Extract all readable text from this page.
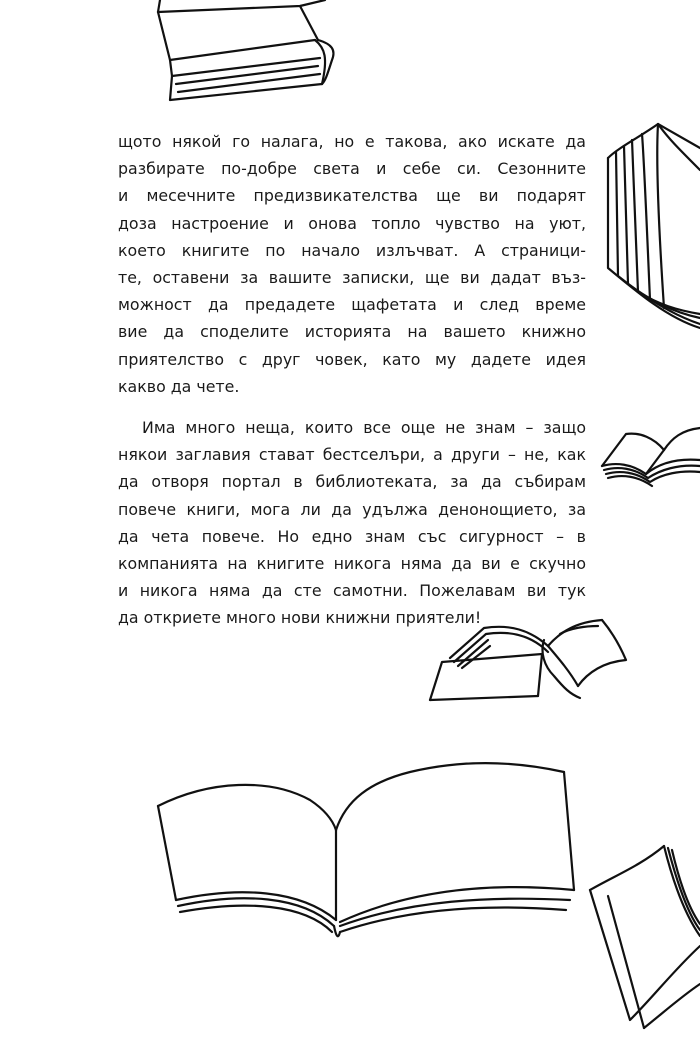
щото някой го налага, но е такова, ако искате да
разбирате по-добре света и себе си. Сезонните
и месечните предизвикателства ще ви подарят
доза настроение и онова топло чувство на уют,
което книгите по начало излъчват. А страници-
те, оставени за вашите записки, ще ви дадат въз-
можност да предадете щафетата и след време
вие да споделите историята на вашето книжно
приятелство с друг човек, като му дадете идея
какво да чете.

Има много неща, които все още не знам – защо
някои заглавия стават бестселъри, а други – не, как
да отворя портал в библиотеката, за да събирам
повече книги, мога ли да удължа денонощието, за
да чета повече. Но едно знам със сигурност – в
компанията на книгите никога няма да ви е скучно
и никога няма да сте самотни. Пожелавам ви тук
да откриете много нови книжни приятели!
